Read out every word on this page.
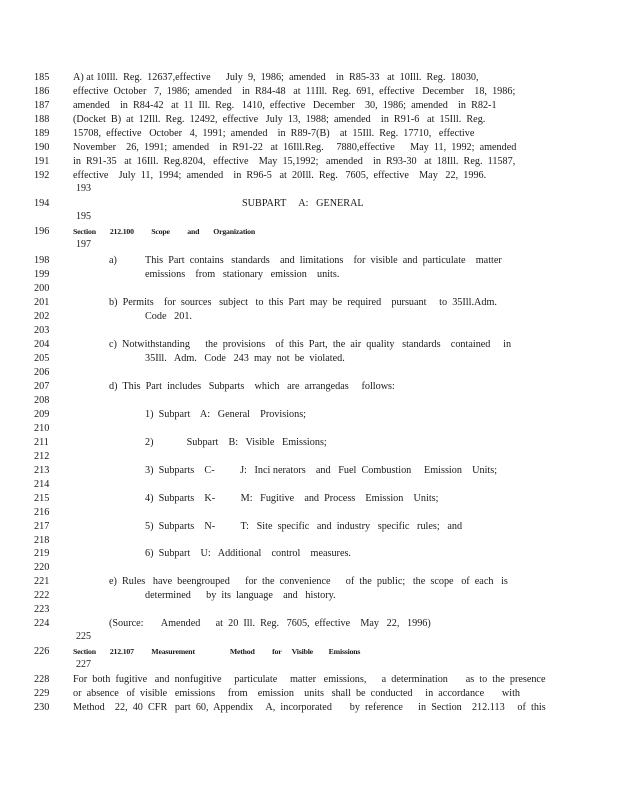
185	A) at 10Ill.  Reg.  12637,effective      July  9,  1986;  amended    in  R85-33   at  10Ill.  Reg.  18030,
186	effective  October   7,  1986;  amended    in  R84-48   at  11Ill.  Reg.  691,  effective   December    18,  1986;
187	amended    in  R84-42   at  11  Ill.  Reg.   1410,  effective   December    30,  1986;  amended    in  R82-1
188	(Docket  B)  at  12Ill.  Reg.  12492,  effective   July  13,  1988;  amended    in  R91-6   at  15Ill.  Reg.
189	15708,  effective   October   4,  1991;  amended    in  R89-7(B)    at  15Ill.  Reg.  17710,   effective
190	November    26,  1991;  amended    in  R91-22   at  16Ill.Reg.     7880,effective      May  11,  1992;  amended
191	in  R91-35   at  16Ill.  Reg.8204,   effective    May  15,1992;   amended    in  R93-30   at  18Ill.  Reg.  11587,
192	effective    July  11,  1994;  amended    in  R96-5   at  20Ill.  Reg.   7605,  effective    May   22,  1996.
193
194	SUBPART     A:   GENERAL
195
196	Section        212.100          Scope          and        Organization
197
198	a)	This  Part  contains   standards    and  limitations    for  visible  and  particulate    matter
199	emissions    from   stationary   emission    units.
200
201	b)  Permits    for  sources   subject   to  this  Part  may  be  required    pursuant     to  35Ill.Adm.
202	Code   201.
203
204	c)  Notwithstanding      the  provisions    of  this  Part,  the  air  quality   standards    contained     in
205	35Ill.   Adm.   Code   243  may  not  be  violated.
206
207	d)  This  Part  includes   Subparts    which   are  arrangedas     follows:
208
209	1)  Subpart    A:   General    Provisions;
210
211	2)             Subpart    B:   Visible   Emissions;
212
213	3)  Subparts    C-          J:   Inci nerators    and   Fuel  Combustion     Emission    Units;
214
215	4)  Subparts    K-          M:   Fugitive    and  Process    Emission    Units;
216
217	5)  Subparts    N-          T:   Site  specific   and  industry   specific   rules;   and
218
219	6)  Subpart    U:   Additional    control    measures.
220
221	e)  Rules   have  beengrouped      for  the  convenience      of  the  public;   the  scope   of  each   is
222	determined      by  its  language    and   history.
223
224	(Source:       Amended      at  20  Ill.  Reg.   7605,  effective    May   22,   1996)
225
226	Section        212.107          Measurement                    Method          for      Visible         Emissions
227
228	For  both  fugitive   and  nonfugitive     particulate     matter   emissions,      a  determination       as  to  the  presence
229	or  absence   of  visible   emissions     from    emission    units   shall  be  conducted     in  accordance       with
230	Method    22,  40  CFR   part  60,  Appendix     A,  incorporated       by  reference      in  Section    212.113     of  this
